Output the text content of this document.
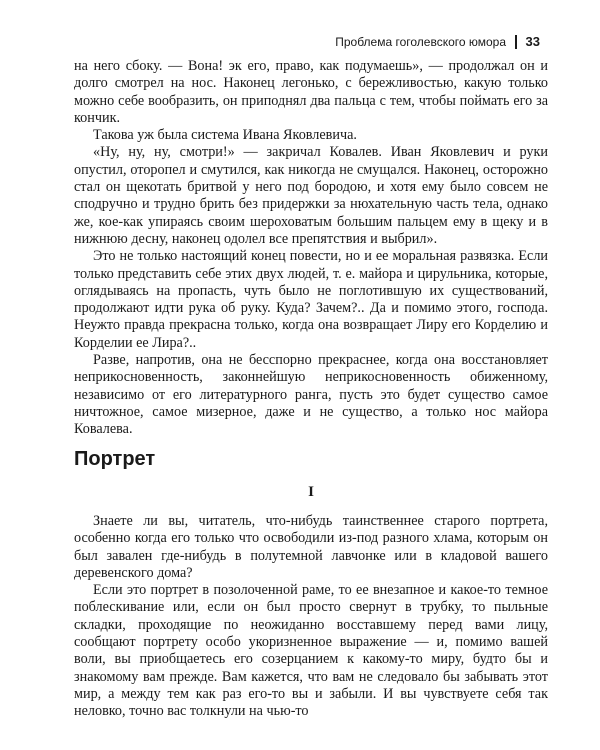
Проблема гоголевского юмора 33

на него сбоку. — Вона! эк его, право, как подумаешь», — продолжал он и долго смотрел на нос. Наконец легонько, с бережливостью, какую только можно себе вообразить, он приподнял два пальца с тем, чтобы поймать его за кончик.

Такова уж была система Ивана Яковлевича.

«Ну, ну, ну, смотри!» — закричал Ковалев. Иван Яковлевич и руки опустил, оторопел и смутился, как никогда не смущался. Наконец, осторожно стал он щекотать бритвой у него под бородою, и хотя ему было совсем не сподручно и трудно брить без придержки за нюхательную часть тела, однако же, кое-как упираясь своим шероховатым большим пальцем ему в щеку и в нижнюю десну, наконец одолел все препятствия и выбрил».

Это не только настоящий конец повести, но и ее моральная развязка. Если только представить себе этих двух людей, т. е. майора и цирульника, которые, оглядываясь на пропасть, чуть было не поглотившую их существований, продолжают идти рука об руку. Куда? Зачем?.. Да и помимо этого, господа. Неужто правда прекрасна только, когда она возвращает Лиру его Корделию и Корделии ее Лира?..

Разве, напротив, она не бесспорно прекраснее, когда она восстановляет неприкосновенность, законнейшую неприкосновенность обиженному, независимо от его литературного ранга, пусть это будет существо самое ничтожное, самое мизерное, даже и не существо, а только нос майора Ковалева.

Портрет
I

Знаете ли вы, читатель, что-нибудь таинственнее старого портрета, особенно когда его только что освободили из-под разного хлама, которым он был завален где-нибудь в полутемной лавчонке или в кладовой вашего деревенского дома?

Если это портрет в позолоченной раме, то ее внезапное и какое-то темное поблескивание или, если он был просто свернут в трубку, то пыльные складки, проходящие по неожиданно восставшему перед вами лицу, сообщают портрету особо укоризненное выражение — и, помимо вашей воли, вы приобщаетесь его созерцанием к какому-то миру, будто бы и знакомому вам прежде. Вам кажется, что вам не следовало бы забывать этот мир, а между тем как раз его-то вы и забыли. И вы чувствуете себя так неловко, точно вас толкнули на чью-то
